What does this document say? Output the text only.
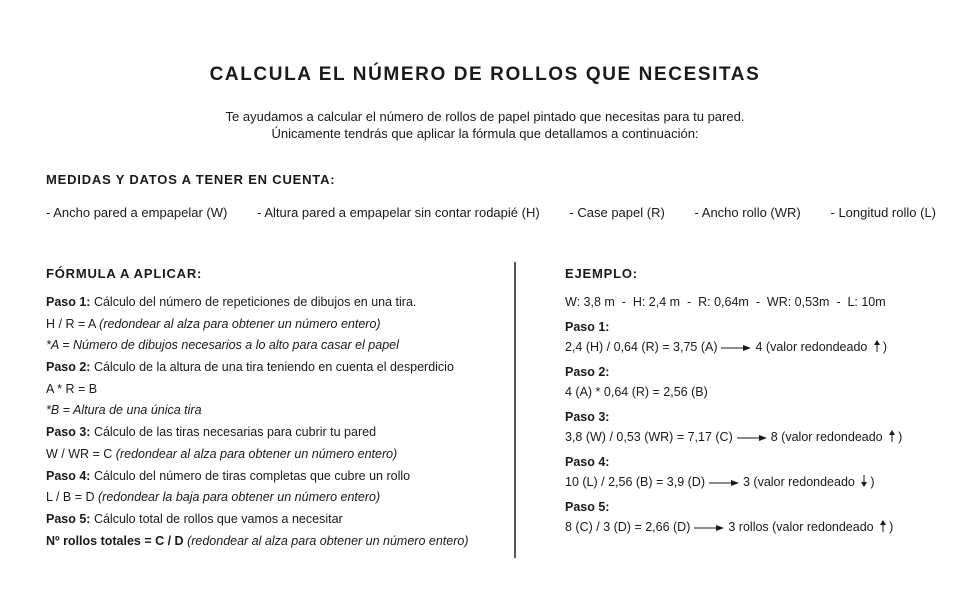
CALCULA EL NÚMERO DE ROLLOS QUE NECESITAS

Te ayudamos a calcular el número de rollos de papel pintado que necesitas para tu pared.

Únicamente tendrás que aplicar la fórmula que detallamos a continuación:

MEDIDAS Y DATOS A TENER EN CUENTA:
- Ancho pared a empapelar (W) - Altura pared a empapelar sin contar rodapié (H) - Case papel (R) - Ancho rollo (WR) - Longitud rollo (L)
FÓRMULA A APLICAR:
Paso 1: Cálculo del número de repeticiones de dibujos en una tira.
H / R = A (redondear al alza para obtener un número entero)
*A = Número de dibujos necesarios a lo alto para casar el papel
Paso 2: Cálculo de la altura de una tira teniendo en cuenta el desperdicio
A * R = B
*B = Altura de una única tira
Paso 3: Cálculo de las tiras necesarias para cubrir tu pared
W / WR = C (redondear al alza para obtener un número entero)
Paso 4: Cálculo del número de tiras completas que cubre un rollo
L / B = D (redondear la baja para obtener un número entero)
Paso 5: Cálculo total de rollos que vamos a necesitar
Nº rollos totales = C / D (redondear al alza para obtener un número entero)
EJEMPLO:
W: 3,8 m  -  H: 2,4 m  -  R: 0,64m  -  WR: 0,53m  -  L: 10m
Paso 1:
2,4 (H) / 0,64 (R) = 3,75 (A)	4 (valor redondeado )
Paso 2:
4 (A) * 0,64 (R) = 2,56 (B)
Paso 3:
3,8 (W) / 0,53 (WR) = 7,17 (C)	8 (valor redondeado )
Paso 4:
10 (L) / 2,56 (B) = 3,9 (D)	3 (valor redondeado )
Paso 5:
8 (C) / 3 (D) = 2,66 (D)	3 rollos (valor redondeado )
